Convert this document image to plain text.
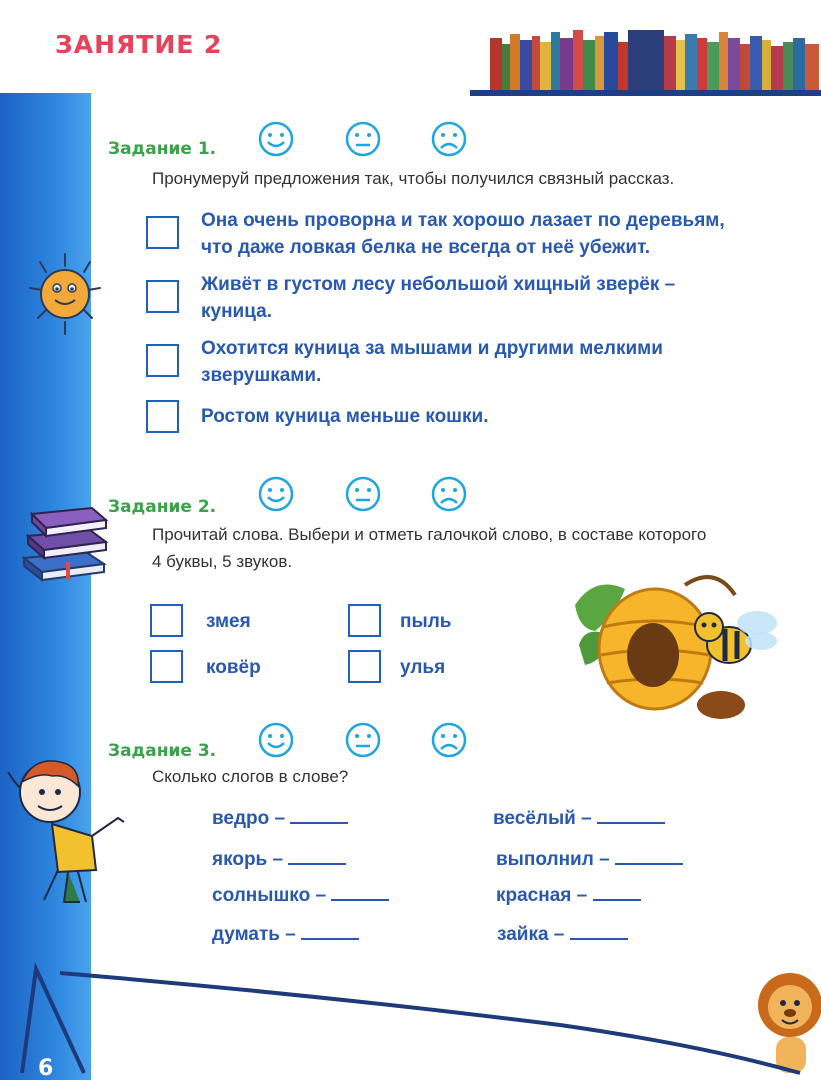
ЗАНЯТИЕ 2
Задание 1.
Пронумеруй предложения так, чтобы получился связный рассказ.
Она очень проворна и так хорошо лазает по деревьям,
что даже ловкая белка не всегда от неё убежит.
Живёт в густом лесу небольшой хищный зверёк –
куница.
Охотится куница за мышами и другими мелкими
зверушками.
Ростом куница меньше кошки.
Задание 2.
Прочитай слова. Выбери и отметь галочкой слово, в составе которого
4 буквы, 5 звуков.
змея
ковёр
пыль
улья
Задание 3.
Сколько слогов в слове?
ведро –
якорь –
солнышко –
думать –
весёлый –
выполнил –
красная –
зайка –
6
